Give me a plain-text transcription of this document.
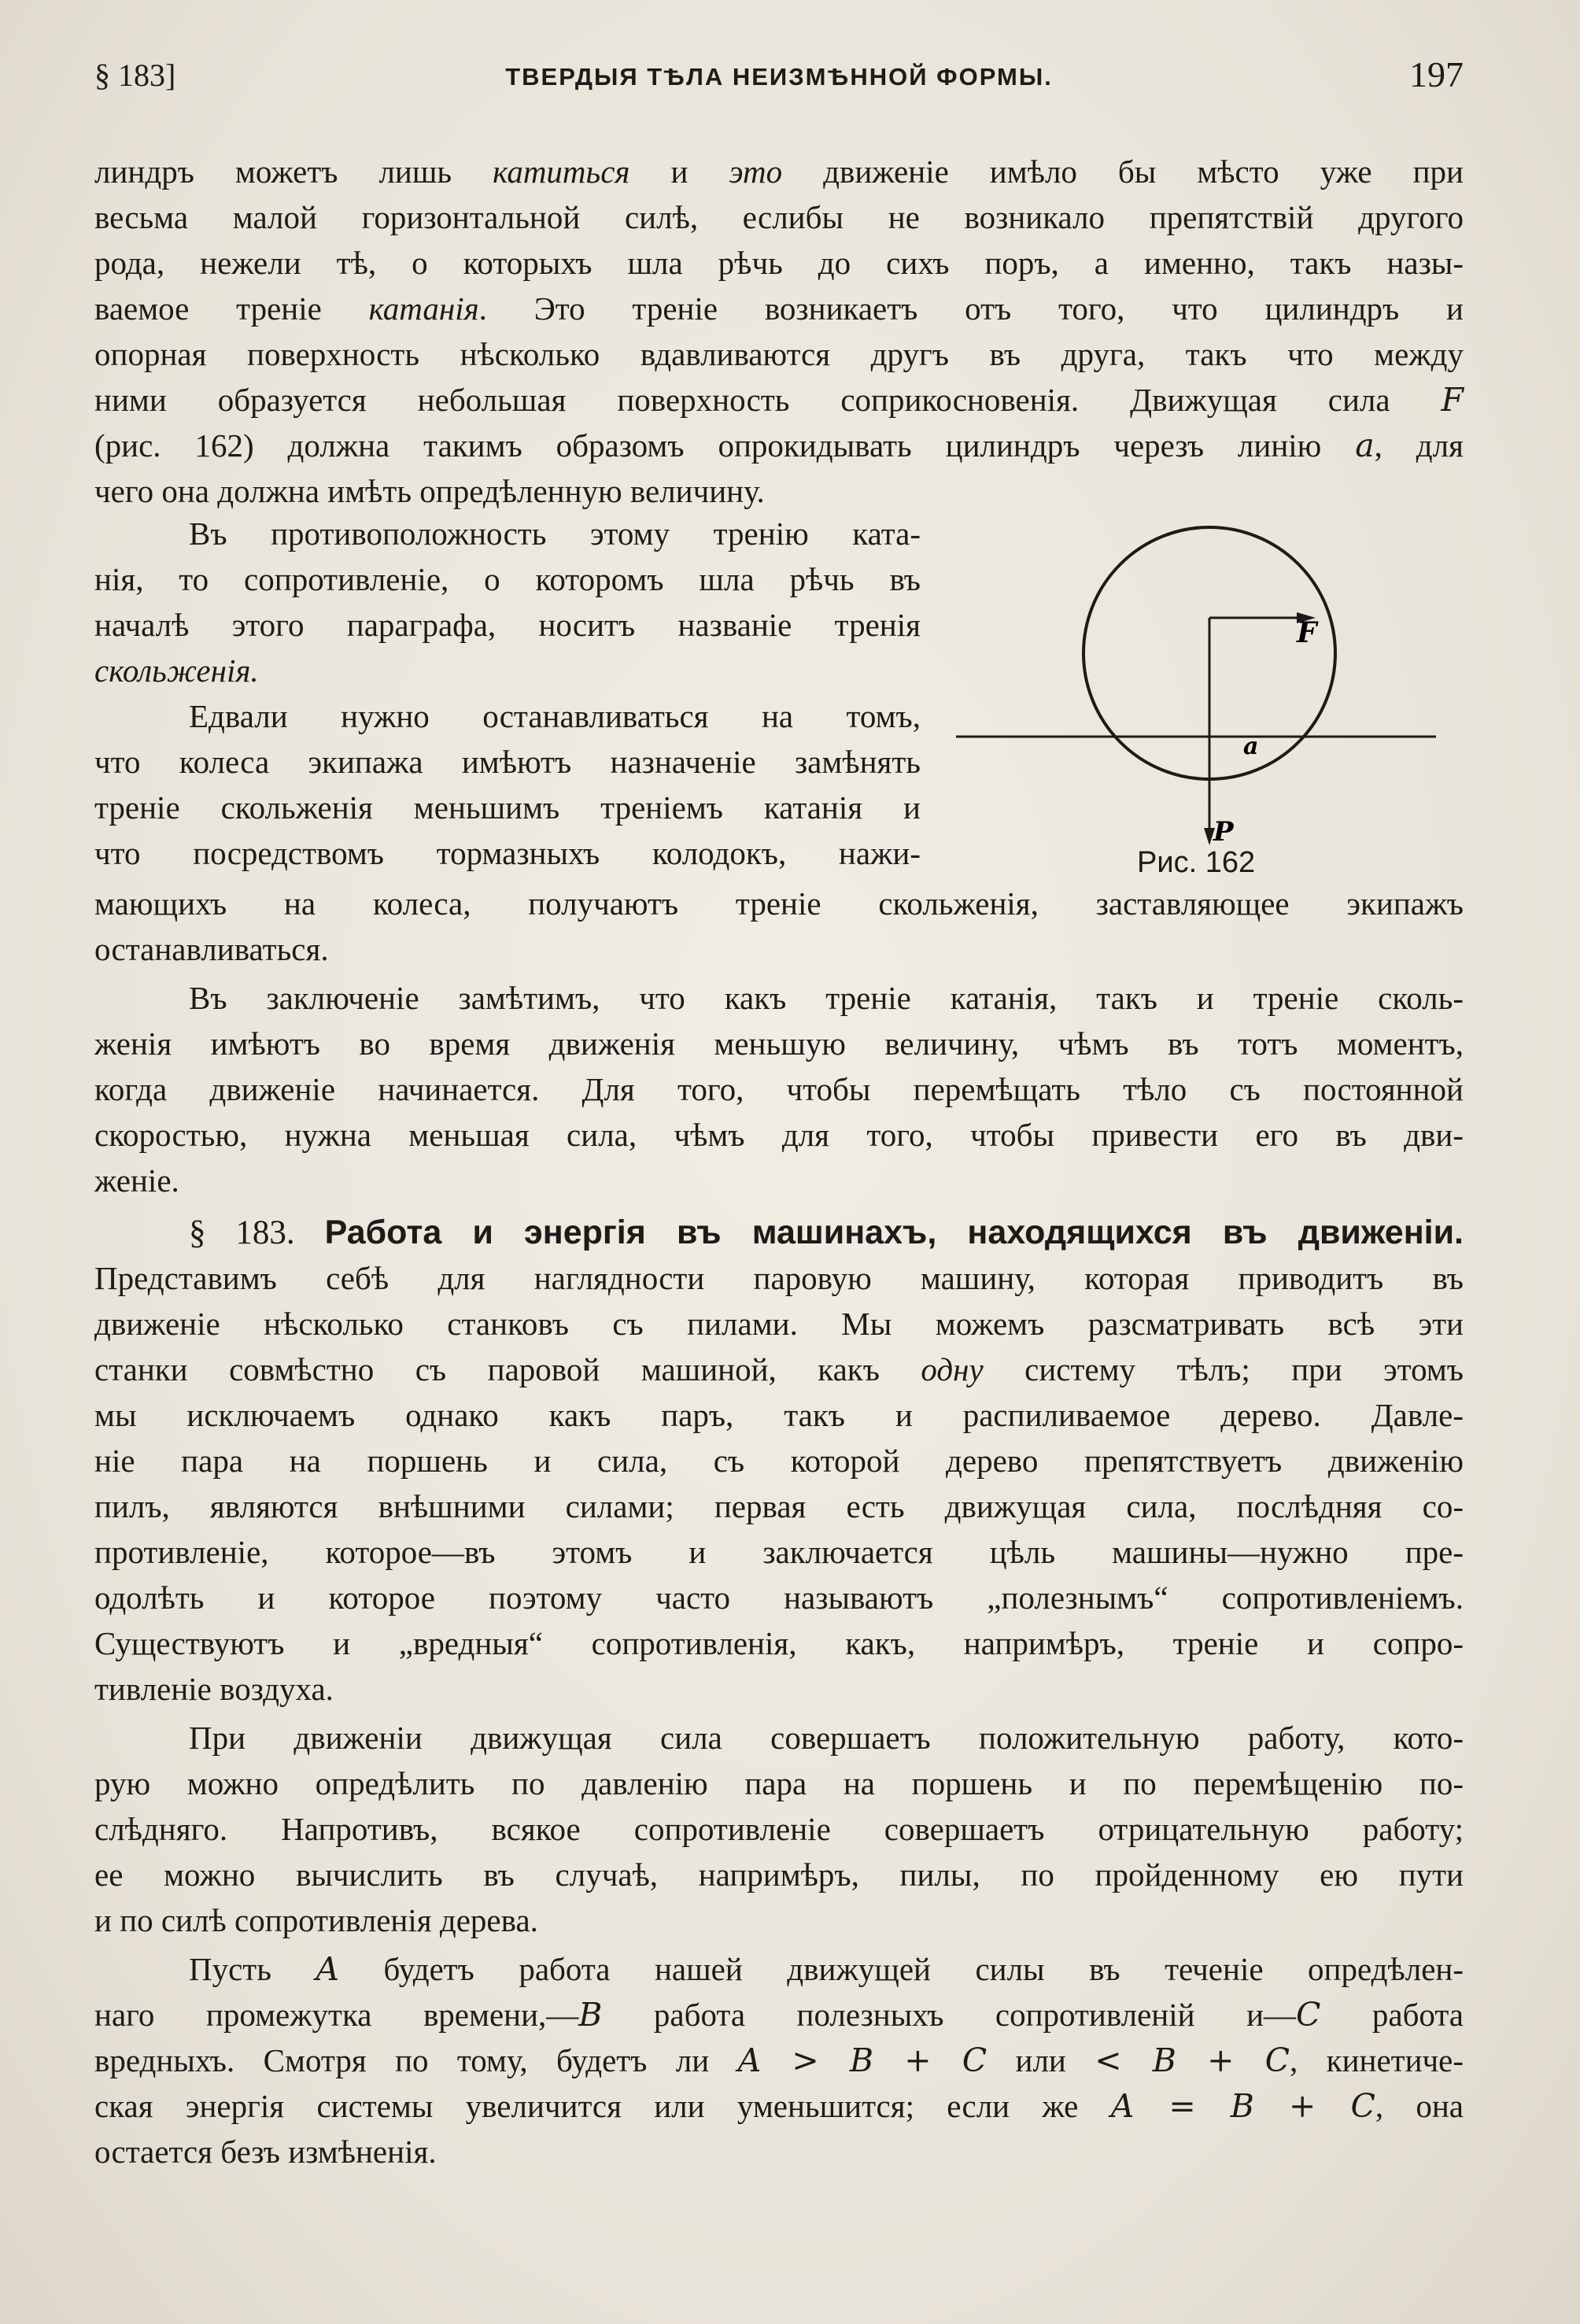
§ 183]	ТВЕРДЫЯ ТѢЛА НЕИЗМѢННОЙ ФОРМЫ.	197
линдръ можетъ лишь катиться и это движеніе имѣло бы мѣсто уже при
весьма малой горизонтальной силѣ, еслибы не возникало препятствій другого
рода, нежели тѣ, о которыхъ шла рѣчь до сихъ поръ, а именно, такъ назы-
ваемое треніе катанія. Это треніе возникаетъ отъ того, что цилиндръ и
опорная поверхность нѣсколько вдавливаются другъ въ друга, такъ что между
ними образуется небольшая поверхность соприкосновенія. Движущая сила F
(рис. 162) должна такимъ образомъ опрокидывать цилиндръ черезъ линію a, для
чего она должна имѣть опредѣленную величину.
Въ противоположность этому тренію ката-
нія, то сопротивленіе, о которомъ шла рѣчь въ
началѣ этого параграфа, носитъ названіе тренія
скольженія.
Едвали нужно останавливаться на томъ,
что колеса экипажа имѣютъ назначеніе замѣнять
треніе скольженія меньшимъ треніемъ катанія и
что посредствомъ тормазныхъ колодокъ, нажи-
мающихъ на колеса, получаютъ треніе скольженія, заставляющее экипажъ
останавливаться.
Въ заключеніе замѣтимъ, что какъ треніе катанія, такъ и треніе сколь-
женія имѣютъ во время движенія меньшую величину, чѣмъ въ тотъ моментъ,
когда движеніе начинается. Для того, чтобы перемѣщать тѣло съ постоянной
скоростью, нужна меньшая сила, чѣмъ для того, чтобы привести его въ дви-
женіе.
§ 183. Работа и энергія въ машинахъ, находящихся въ движеніи.
Представимъ себѣ для наглядности паровую машину, которая приводитъ въ
движеніе нѣсколько станковъ съ пилами. Мы можемъ разсматривать всѣ эти
станки совмѣстно съ паровой машиной, какъ одну систему тѣлъ; при этомъ
мы исключаемъ однако какъ паръ, такъ и распиливаемое дерево. Давле-
ніе пара на поршень и сила, съ которой дерево препятствуетъ движенію
пилъ, являются внѣшними силами; первая есть движущая сила, послѣдняя со-
противленіе, которое—въ этомъ и заключается цѣль машины—нужно пре-
одолѣть и которое поэтому часто называютъ „полезнымъ“ сопротивленіемъ.
Существуютъ и „вредныя“ сопротивленія, какъ, напримѣръ, треніе и сопро-
тивленіе воздуха.
При движеніи движущая сила совершаетъ положительную работу, кото-
рую можно опредѣлить по давленію пара на поршень и по перемѣщенію по-
слѣдняго. Напротивъ, всякое сопротивленіе совершаетъ отрицательную работу;
ее можно вычислить въ случаѣ, напримѣръ, пилы, по пройденному ею пути
и по силѣ сопротивленія дерева.
Пусть A будетъ работа нашей движущей силы въ теченіе опредѣлен-
наго промежутка времени,—B работа полезныхъ сопротивленій и—C работа
вредныхъ. Смотря по тому, будетъ ли A > B + C или < B + C, кинетиче-
ская энергія системы увеличится или уменьшится; если же A = B + C, она
остается безъ измѣненія.
F
a
P
Рис. 162
